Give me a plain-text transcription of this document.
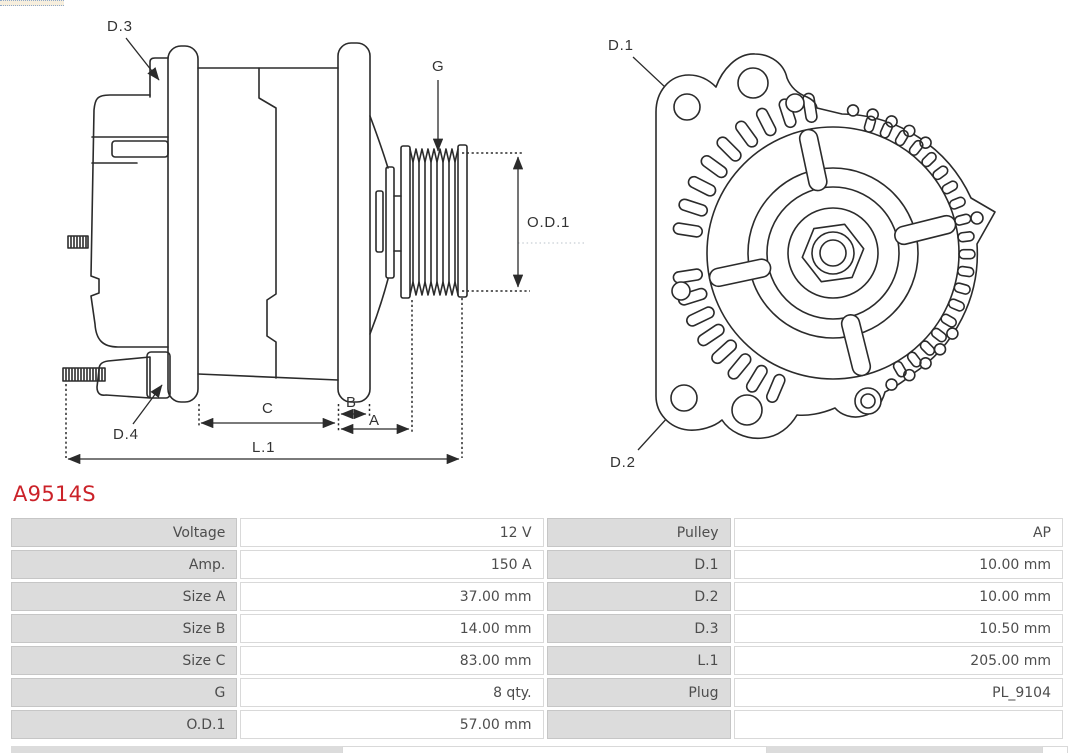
D.3
D.4
G
O.D.1
C	B
A
L.1
D.1
D.2
A9514S
Voltage	12 V	Pulley	AP
Amp.	150 A	D.1	10.00 mm
Size A	37.00 mm	D.2	10.00 mm
Size B	14.00 mm	D.3	10.50 mm
Size C	83.00 mm	L.1	205.00 mm
G	8 qty.	Plug	PL_9104
O.D.1	57.00 mm		
